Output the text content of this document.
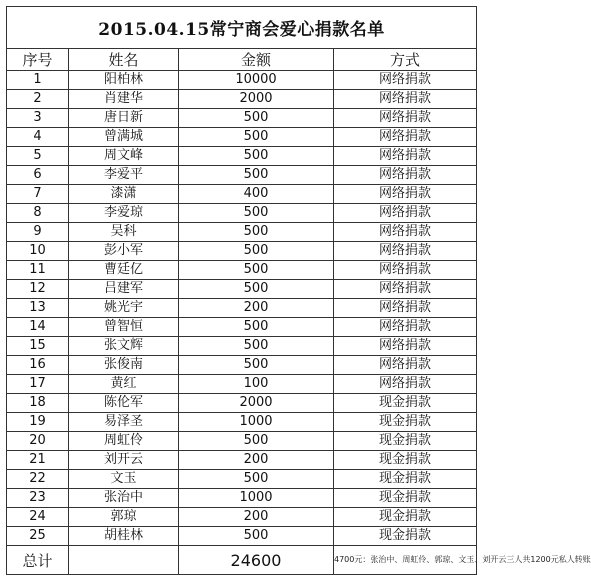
2015.04.15常宁商会爱心捐款名单			
序号	姓名	金额	方式
1	阳柏林	10000	网络捐款
2	肖建华	2000	网络捐款
3	唐日新	500	网络捐款
4	曾满城	500	网络捐款
5	周文峰	500	网络捐款
6	李爱平	500	网络捐款
7	漆潇	400	网络捐款
8	李爱琼	500	网络捐款
9	吴科	500	网络捐款
10	彭小军	500	网络捐款
11	曹廷亿	500	网络捐款
12	吕建军	500	网络捐款
13	姚光宇	200	网络捐款
14	曾智恒	500	网络捐款
15	张文辉	500	网络捐款
16	张俊南	500	网络捐款
17	黄红	100	网络捐款
18	陈伦军	2000	现金捐款
19	易泽圣	1000	现金捐款
20	周虹伶	500	现金捐款
21	刘开云	200	现金捐款
22	文玉	500	现金捐款
23	张治中	1000	现金捐款
24	郭琼	200	现金捐款
25	胡桂林	500	现金捐款
总计		24600	4700元：张治中、周虹伶、郭琼、文玉、刘开云三人共1200元私人转账
